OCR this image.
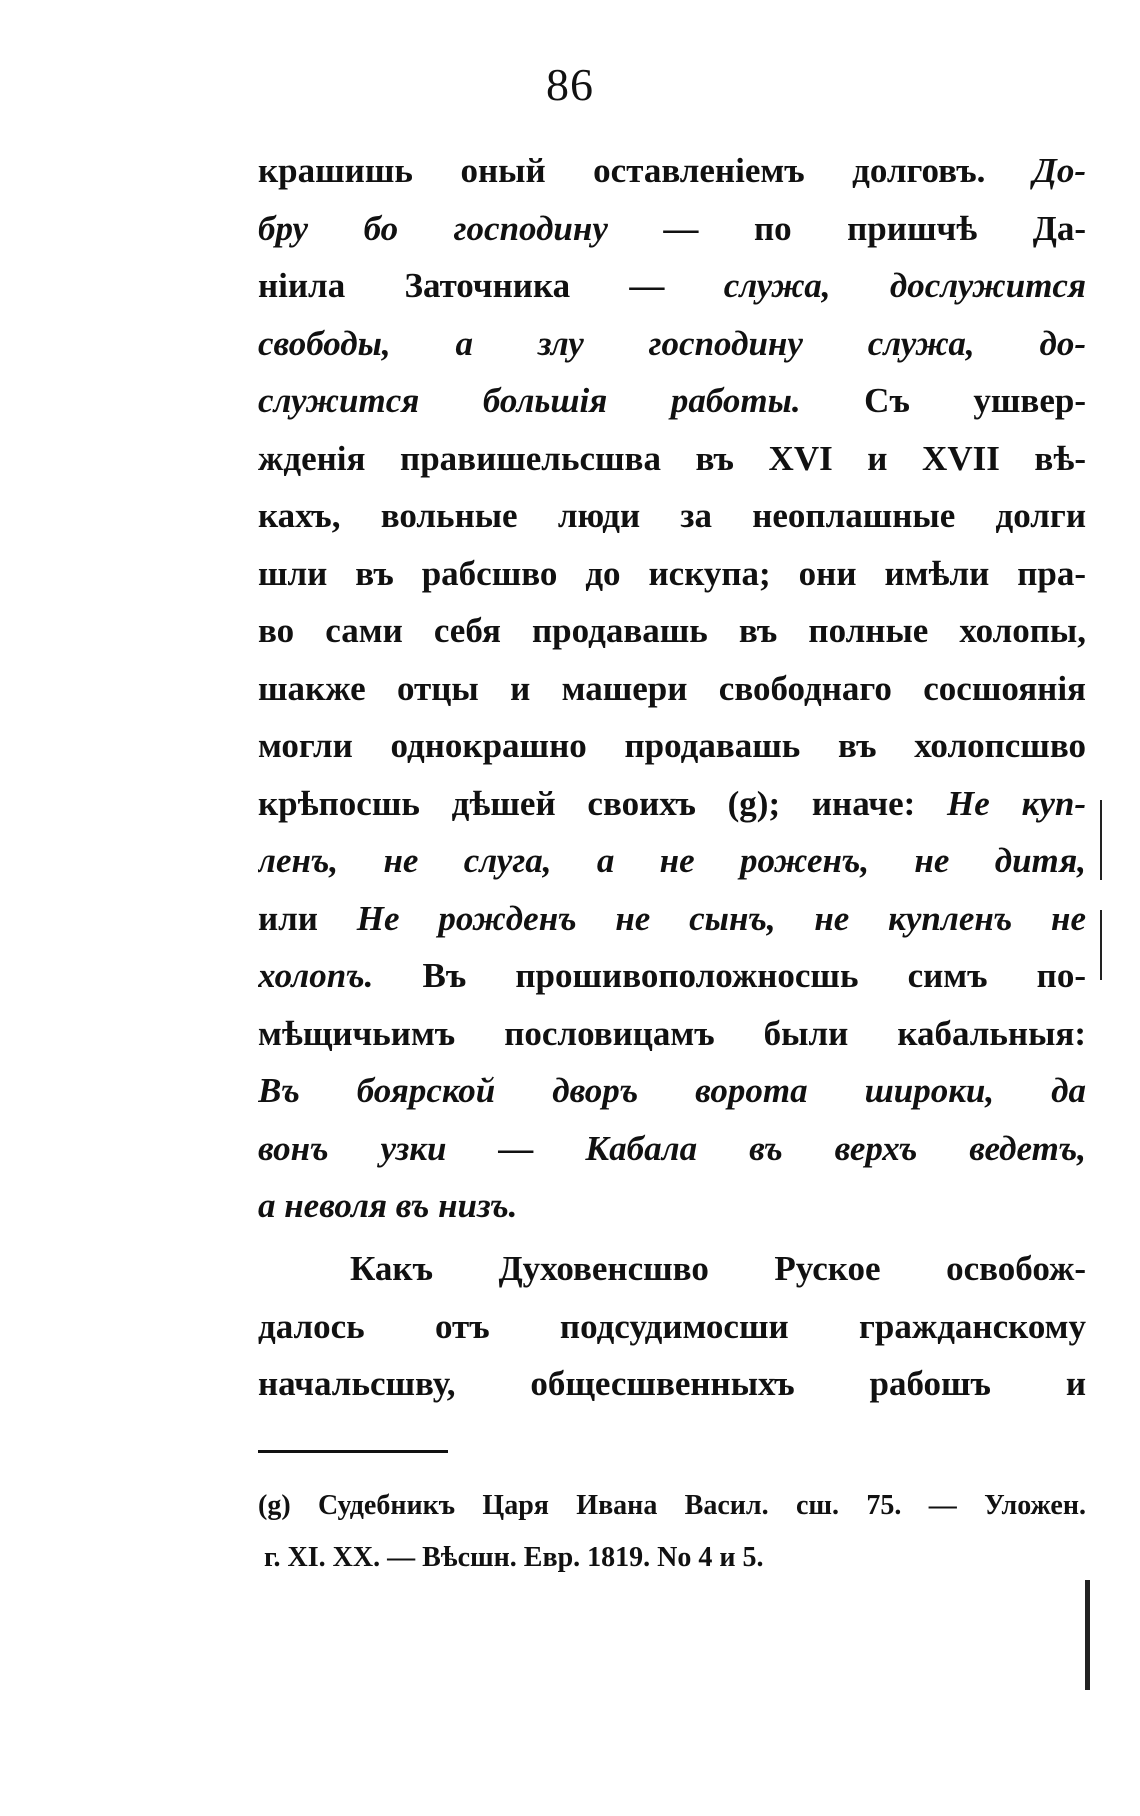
86
крашишь оный оставленіемъ долговъ. До-
бру бо господину — по пришчѣ Да-
ніила Заточника — служа, дослужится
свободы, а злу господину служа, до-
служится большія работы. Съ ушвер-
жденія правишельсшва въ XVI и XVII вѣ-
кахъ, вольные люди за неоплашные долги
шли въ рабсшво до искупа; они имѣли пра-
во сами себя продавашь въ полные холопы,
шакже отцы и машери свободнаго сосшоянія
могли однокрашно продавашь въ холопсшво
крѣпосшь дѣшей своихъ (g); иначе: Не куп-
ленъ, не слуга, а не роженъ, не дитя,
или Не рожденъ не сынъ, не купленъ не
холопъ. Въ прошивоположносшь симъ по-
мѣщичьимъ пословицамъ были кабальныя:
Въ боярской дворъ ворота широки, да
вонъ узки — Кабала въ верхъ ведетъ,
а неволя въ низъ.
Какъ Духовенсшво Руское освобож-
далось отъ подсудимосши гражданскому
начальсшву, общесшвенныхъ рабошъ и
(g) Судебникъ Царя Ивана Васил. сш. 75. — Уложен.
г. XI. XX. — Вѣсшн. Евр. 1819. No 4 и 5.
